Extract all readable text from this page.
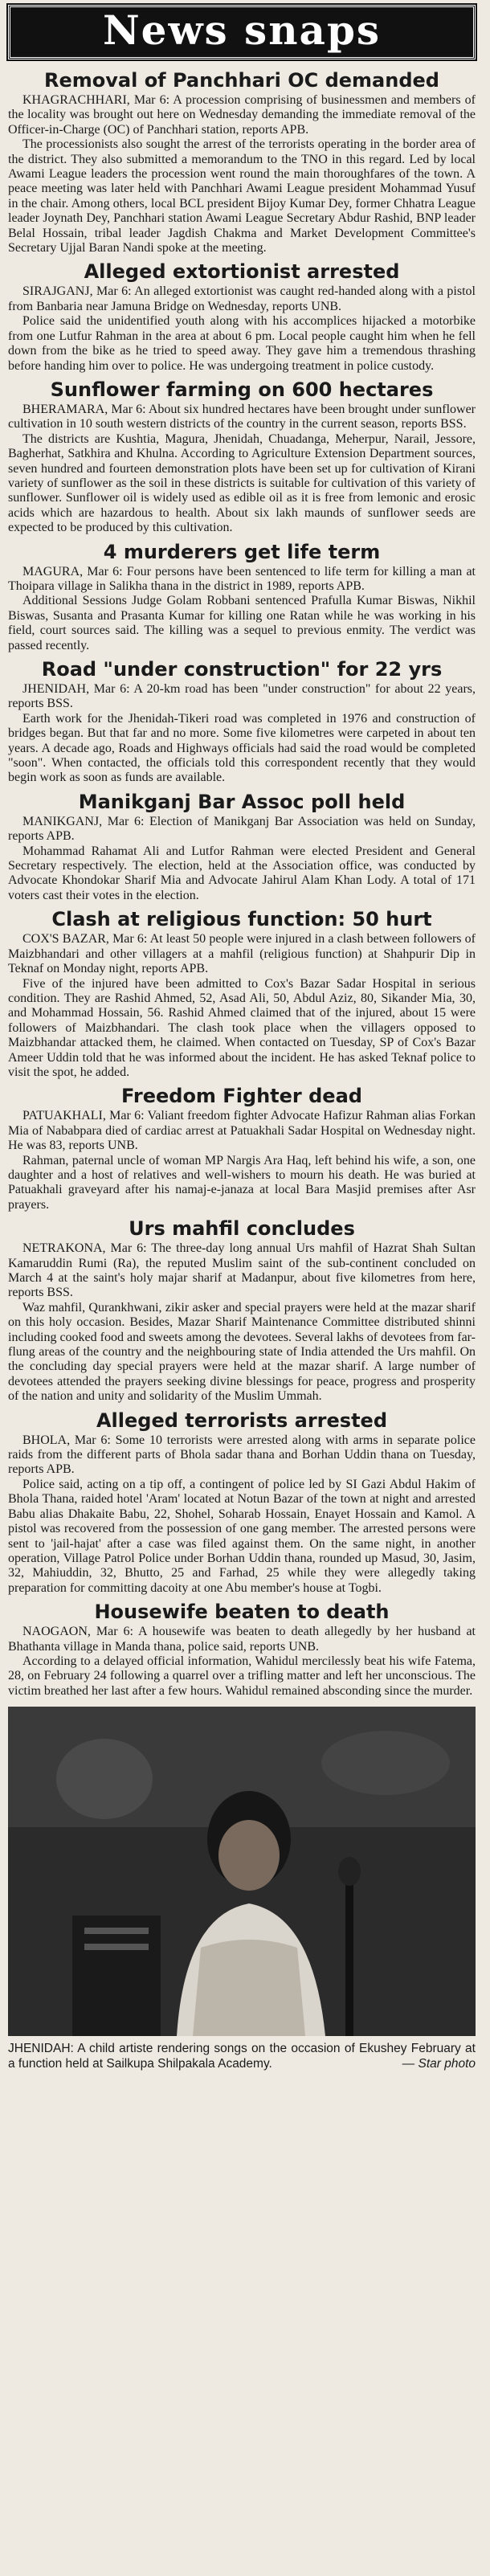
News snaps
Removal of Panchhari OC demanded

KHAGRACHHARI, Mar 6: A procession comprising of businessmen and members of the locality was brought out here on Wednesday demanding the immediate removal of the Officer-in-Charge (OC) of Panchhari station, reports APB.

The processionists also sought the arrest of the terrorists operating in the border area of the district. They also submitted a memorandum to the TNO in this regard. Led by local Awami League leaders the procession went round the main thoroughfares of the town. A peace meeting was later held with Panchhari Awami League president Mohammad Yusuf in the chair. Among others, local BCL president Bijoy Kumar Dey, former Chhatra League leader Joynath Dey, Panchhari station Awami League Secretary Abdur Rashid, BNP leader Belal Hossain, tribal leader Jagdish Chakma and Market Development Committee's Secretary Ujjal Baran Nandi spoke at the meeting.

Alleged extortionist arrested

SIRAJGANJ, Mar 6: An alleged extortionist was caught red-handed along with a pistol from Banbaria near Jamuna Bridge on Wednesday, reports UNB.

Police said the unidentified youth along with his accomplices hijacked a motorbike from one Lutfur Rahman in the area at about 6 pm. Local people caught him when he fell down from the bike as he tried to speed away. They gave him a tremendous thrashing before handing him over to police. He was undergoing treatment in police custody.

Sunflower farming on 600 hectares

BHERAMARA, Mar 6: About six hundred hectares have been brought under sunflower cultivation in 10 south western districts of the country in the current season, reports BSS.

The districts are Kushtia, Magura, Jhenidah, Chuadanga, Meherpur, Narail, Jessore, Bagherhat, Satkhira and Khulna. According to Agriculture Extension Department sources, seven hundred and fourteen demonstration plots have been set up for cultivation of Kirani variety of sunflower as the soil in these districts is suitable for cultivation of this variety of sunflower. Sunflower oil is widely used as edible oil as it is free from lemonic and erosic acids which are hazardous to health. About six lakh maunds of sunflower seeds are expected to be produced by this cultivation.

4 murderers get life term

MAGURA, Mar 6: Four persons have been sentenced to life term for killing a man at Thoipara village in Salikha thana in the district in 1989, reports APB.

Additional Sessions Judge Golam Robbani sentenced Prafulla Kumar Biswas, Nikhil Biswas, Susanta and Prasanta Kumar for killing one Ratan while he was working in his field, court sources said. The killing was a sequel to previous enmity. The verdict was passed recently.

Road "under construction" for 22 yrs

JHENIDAH, Mar 6: A 20-km road has been "under construction" for about 22 years, reports BSS.

Earth work for the Jhenidah-Tikeri road was completed in 1976 and construction of bridges began. But that far and no more. Some five kilometres were carpeted in about ten years. A decade ago, Roads and Highways officials had said the road would be completed "soon". When contacted, the officials told this correspondent recently that they would begin work as soon as funds are available.

Manikganj Bar Assoc poll held

MANIKGANJ, Mar 6: Election of Manikganj Bar Association was held on Sunday, reports APB.

Mohammad Rahamat Ali and Lutfor Rahman were elected President and General Secretary respectively. The election, held at the Association office, was conducted by Advocate Khondokar Sharif Mia and Advocate Jahirul Alam Khan Lody. A total of 171 voters cast their votes in the election.

Clash at religious function: 50 hurt

COX'S BAZAR, Mar 6: At least 50 people were injured in a clash between followers of Maizbhandari and other villagers at a mahfil (religious function) at Shahpurir Dip in Teknaf on Monday night, reports APB.

Five of the injured have been admitted to Cox's Bazar Sadar Hospital in serious condition. They are Rashid Ahmed, 52, Asad Ali, 50, Abdul Aziz, 80, Sikander Mia, 30, and Mohammad Hossain, 56. Rashid Ahmed claimed that of the injured, about 15 were followers of Maizbhandari. The clash took place when the villagers opposed to Maizbhandar attacked them, he claimed. When contacted on Tuesday, SP of Cox's Bazar Ameer Uddin told that he was informed about the incident. He has asked Teknaf police to visit the spot, he added.

Freedom Fighter dead

PATUAKHALI, Mar 6: Valiant freedom fighter Advocate Hafizur Rahman alias Forkan Mia of Nababpara died of cardiac arrest at Patuakhali Sadar Hospital on Wednesday night. He was 83, reports UNB.

Rahman, paternal uncle of woman MP Nargis Ara Haq, left behind his wife, a son, one daughter and a host of relatives and well-wishers to mourn his death. He was buried at Patuakhali graveyard after his namaj-e-janaza at local Bara Masjid premises after Asr prayers.

Urs mahfil concludes

NETRAKONA, Mar 6: The three-day long annual Urs mahfil of Hazrat Shah Sultan Kamaruddin Rumi (Ra), the reputed Muslim saint of the sub-continent concluded on March 4 at the saint's holy majar sharif at Madanpur, about five kilometres from here, reports BSS.

Waz mahfil, Qurankhwani, zikir asker and special prayers were held at the mazar sharif on this holy occasion. Besides, Mazar Sharif Maintenance Committee distributed shinni including cooked food and sweets among the devotees. Several lakhs of devotees from far-flung areas of the country and the neighbouring state of India attended the Urs mahfil. On the concluding day special prayers were held at the mazar sharif. A large number of devotees attended the prayers seeking divine blessings for peace, progress and prosperity of the nation and unity and solidarity of the Muslim Ummah.

Alleged terrorists arrested

BHOLA, Mar 6: Some 10 terrorists were arrested along with arms in separate police raids from the different parts of Bhola sadar thana and Borhan Uddin thana on Tuesday, reports APB.

Police said, acting on a tip off, a contingent of police led by SI Gazi Abdul Hakim of Bhola Thana, raided hotel 'Aram' located at Notun Bazar of the town at night and arrested Babu alias Dhakaite Babu, 22, Shohel, Soharab Hossain, Enayet Hossain and Kamol. A pistol was recovered from the possession of one gang member. The arrested persons were sent to 'jail-hajat' after a case was filed against them. On the same night, in another operation, Village Patrol Police under Borhan Uddin thana, rounded up Masud, 30, Jasim, 32, Mahiuddin, 32, Bhutto, 25 and Farhad, 25 while they were allegedly taking preparation for committing dacoity at one Abu member's house at Togbi.

Housewife beaten to death

NAOGAON, Mar 6: A housewife was beaten to death allegedly by her husband at Bhathanta village in Manda thana, police said, reports UNB.

According to a delayed official information, Wahidul mercilessly beat his wife Fatema, 28, on February 24 following a quarrel over a trifling matter and left her unconscious. The victim breathed her last after a few hours. Wahidul remained absconding since the murder.

JHENIDAH: A child artiste rendering songs on the occasion of Ekushey February at a function held at Sailkupa Shilpakala Academy.	— Star photo
